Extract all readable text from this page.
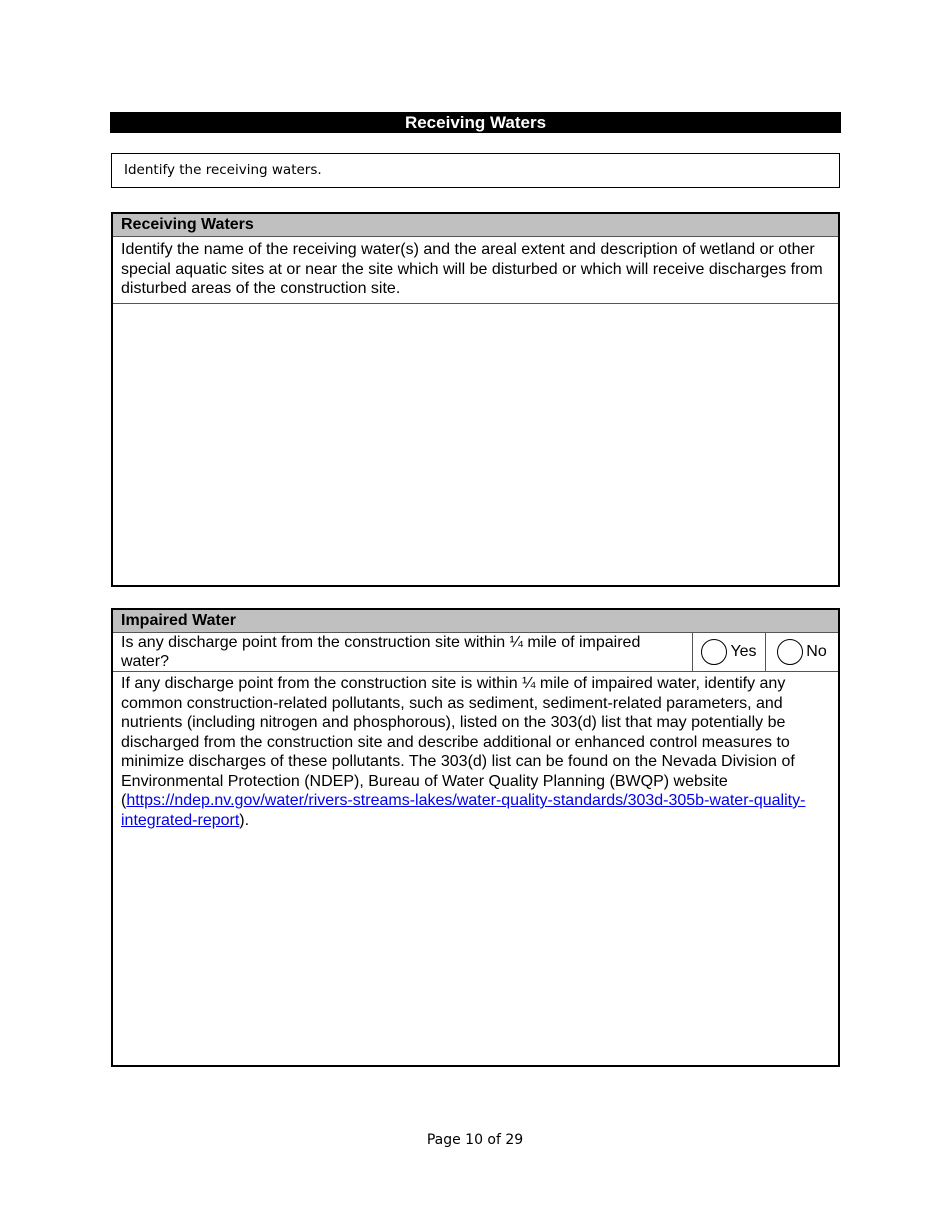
Receiving Waters
Identify the receiving waters.
Receiving Waters
Identify the name of the receiving water(s) and the areal extent and description of wetland or other special aquatic sites at or near the site which will be disturbed or which will receive discharges from disturbed areas of the construction site.
Impaired Water
Is any discharge point from the construction site within ¼ mile of impaired water?
Yes	No
If any discharge point from the construction site is within ¼ mile of impaired water, identify any common construction-related pollutants, such as sediment, sediment-related parameters, and nutrients (including nitrogen and phosphorous), listed on the 303(d) list that may potentially be discharged from the construction site and describe additional or enhanced control measures to minimize discharges of these pollutants. The 303(d) list can be found on the Nevada Division of Environmental Protection (NDEP), Bureau of Water Quality Planning (BWQP) website (https://ndep.nv.gov/water/rivers-streams-lakes/water-quality-standards/303d-305b-water-quality-integrated-report).
Page 10 of 29
